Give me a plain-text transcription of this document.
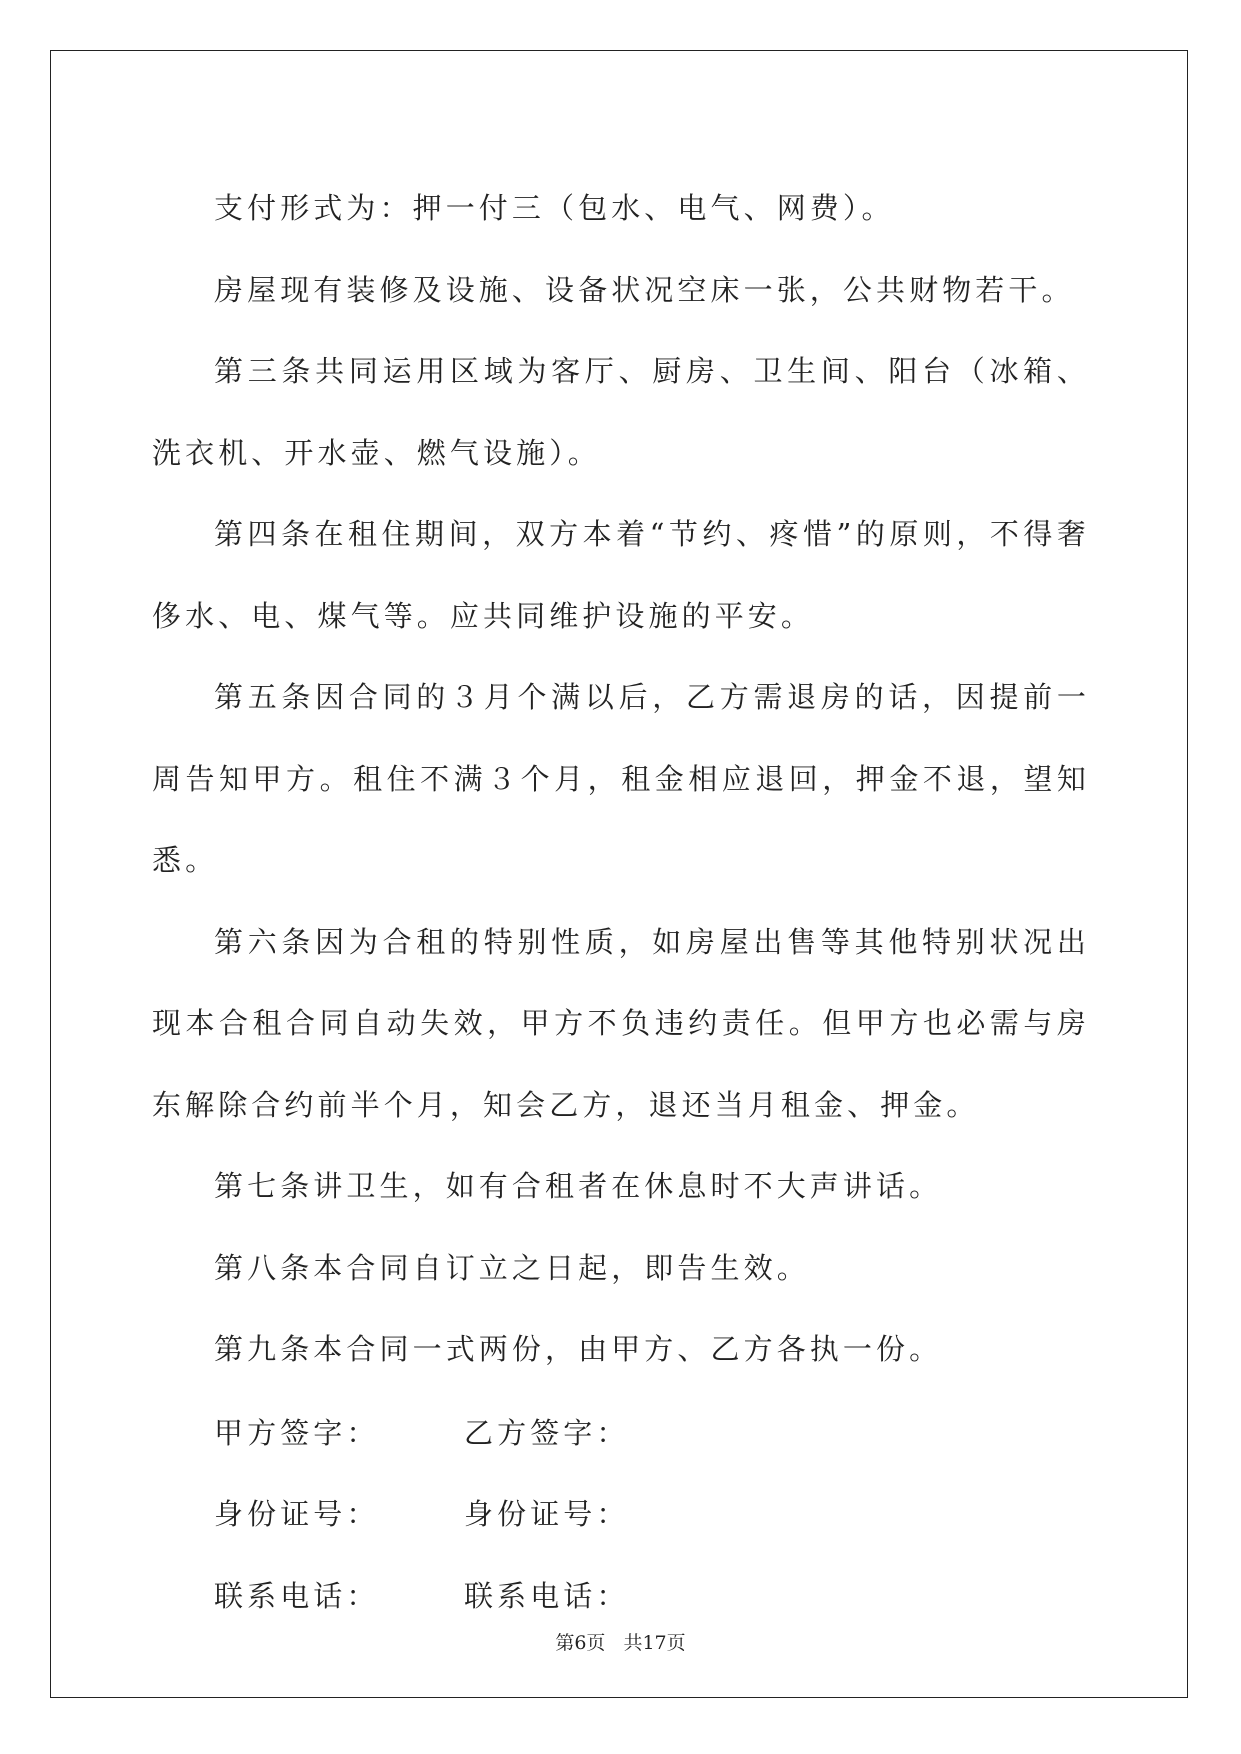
支付形式为：押一付三（包水、电气、网费）。

房屋现有装修及设施、设备状况空床一张，公共财物若干。

第三条共同运用区域为客厅、厨房、卫生间、阳台（冰箱、洗衣机、开水壶、燃气设施）。

第四条在租住期间，双方本着“节约、疼惜”的原则，不得奢侈水、电、煤气等。应共同维护设施的平安。

第五条因合同的３月个满以后，乙方需退房的话，因提前一周告知甲方。租住不满３个月，租金相应退回，押金不退，望知悉。

第六条因为合租的特别性质，如房屋出售等其他特别状况出现本合租合同自动失效，甲方不负违约责任。但甲方也必需与房东解除合约前半个月，知会乙方，退还当月租金、押金。

第七条讲卫生，如有合租者在休息时不大声讲话。

第八条本合同自订立之日起，即告生效。

第九条本合同一式两份，由甲方、乙方各执一份。

甲方签字：	乙方签字：
身份证号：	身份证号：
联系电话：	联系电话：
第6页 共17页
